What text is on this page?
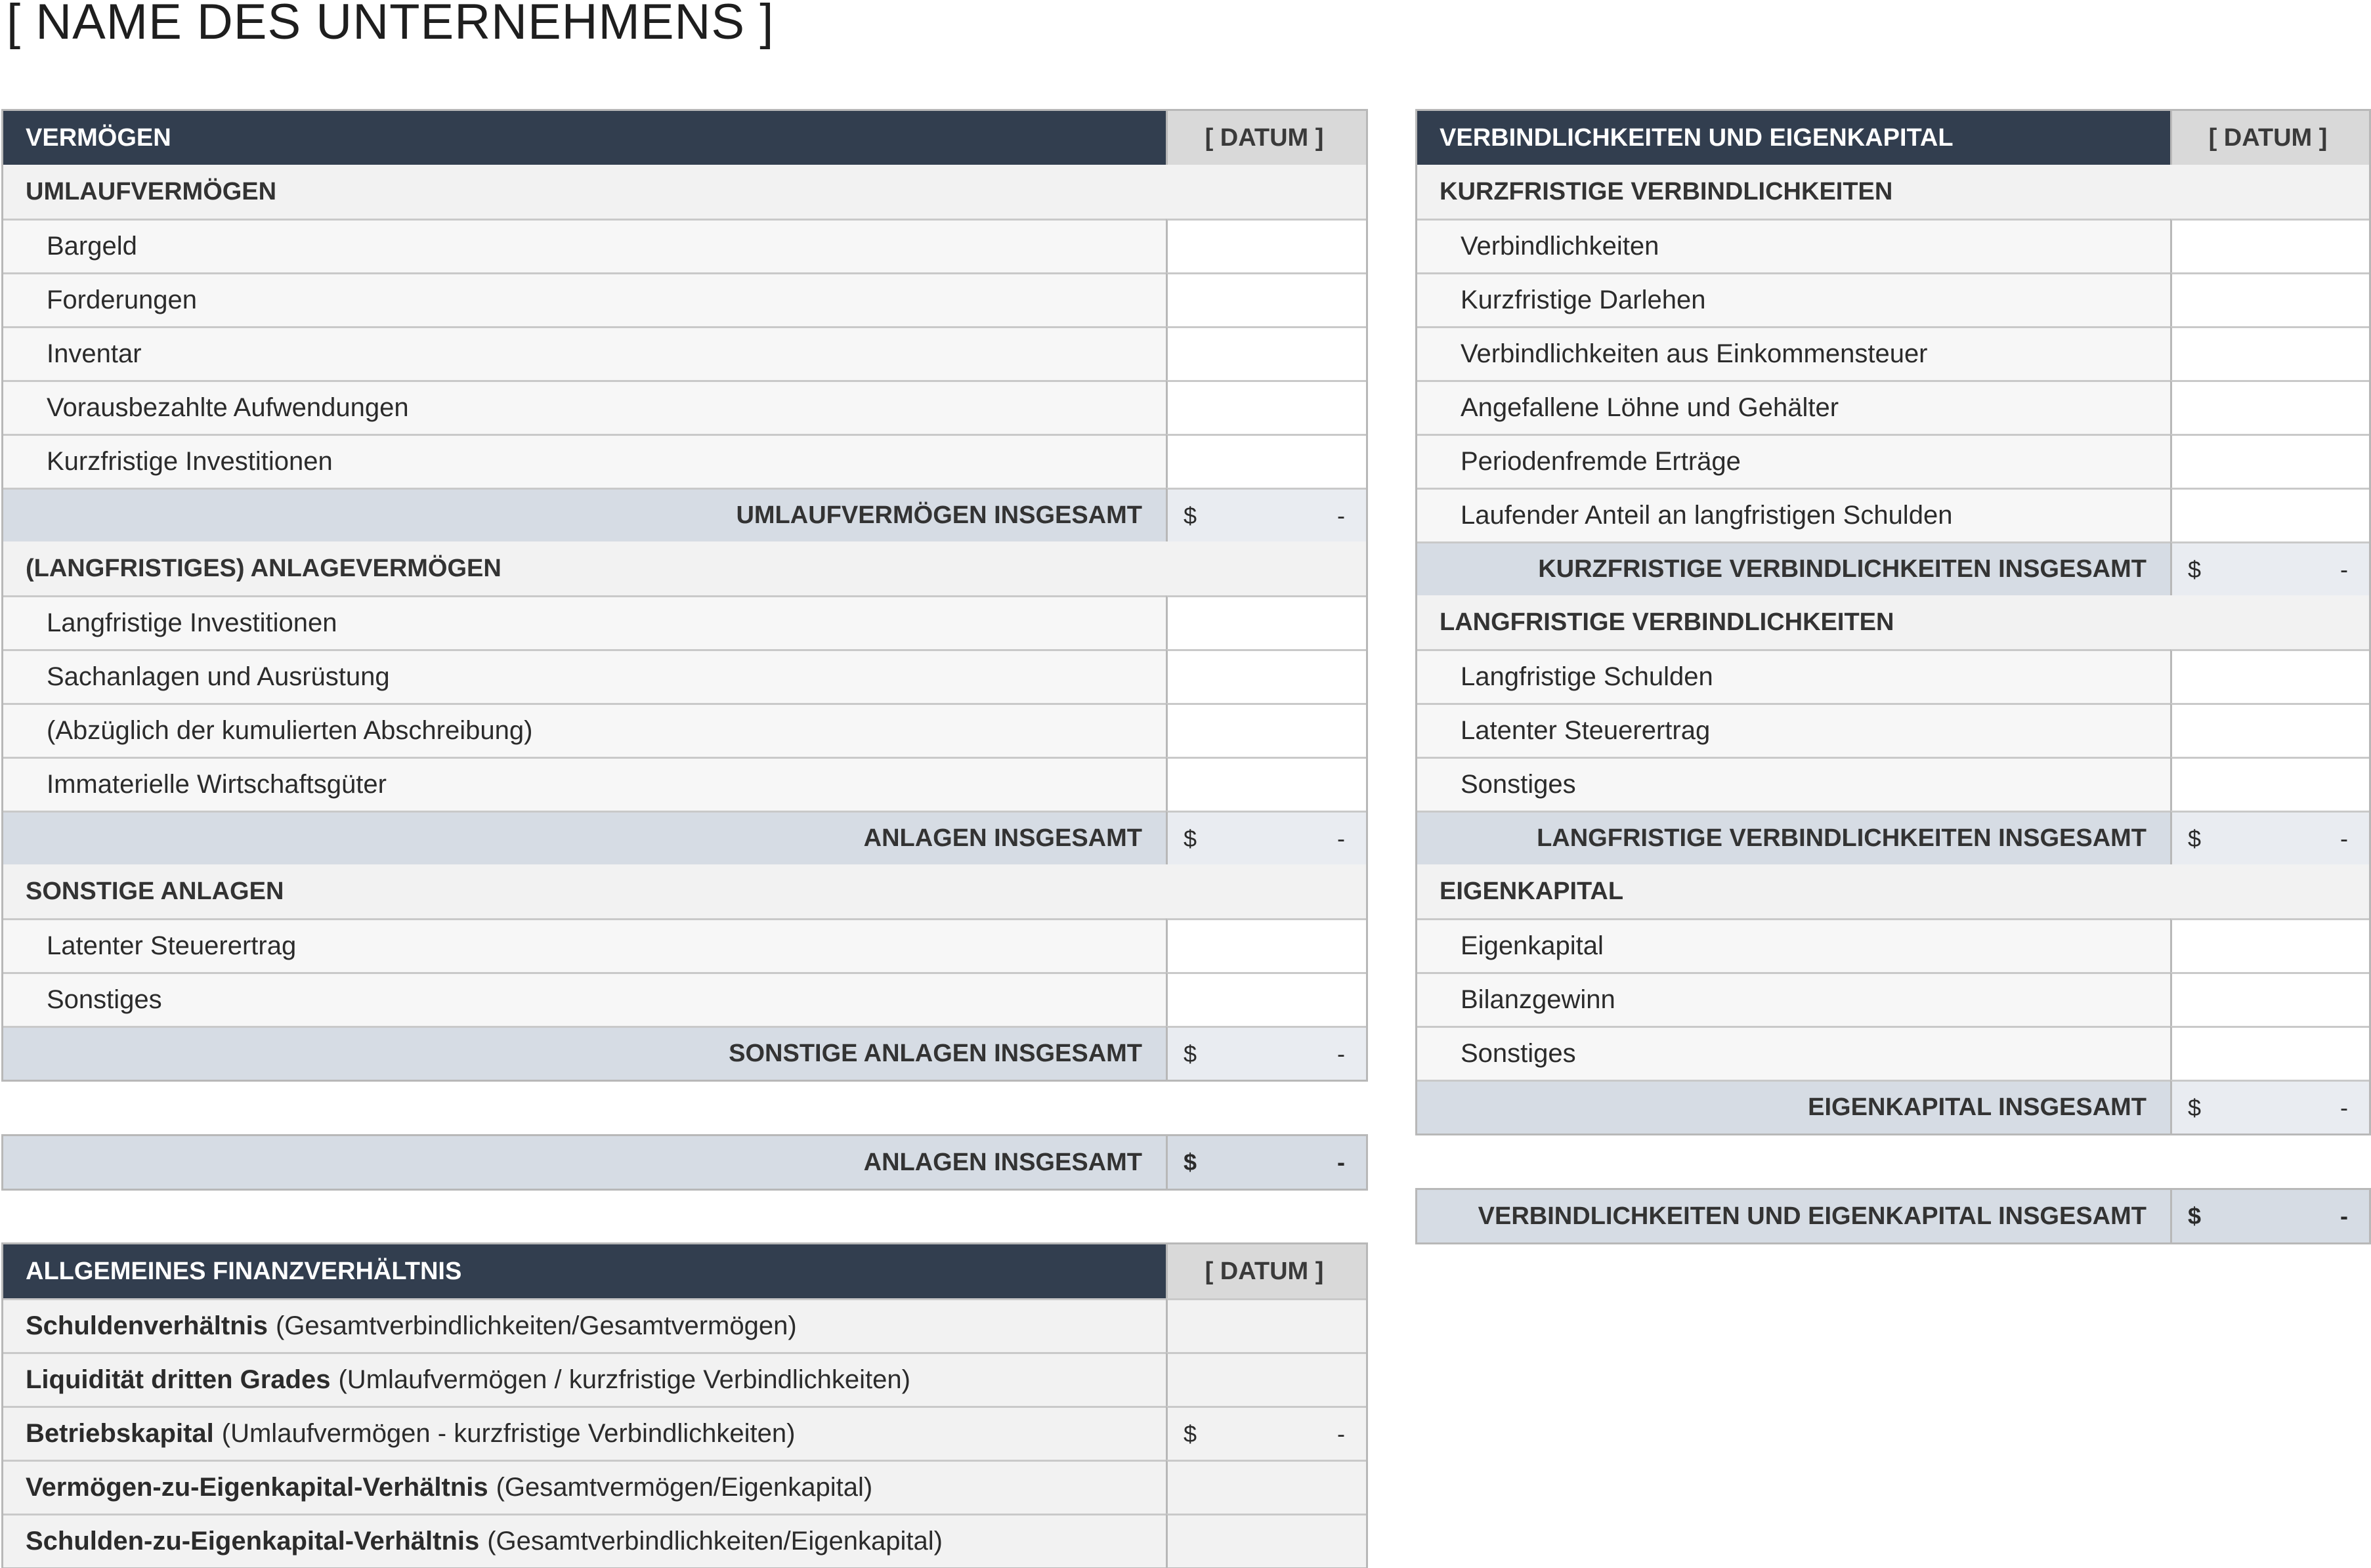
[ NAME DES UNTERNEHMENS ]
VERMÖGEN	[ DATUM ]
UMLAUFVERMÖGEN
Bargeld
Forderungen
Inventar
Vorausbezahlte Aufwendungen
Kurzfristige Investitionen
UMLAUFVERMÖGEN INSGESAMT	$	-
(LANGFRISTIGES) ANLAGEVERMÖGEN
Langfristige Investitionen
Sachanlagen und Ausrüstung
(Abzüglich der kumulierten Abschreibung)
Immaterielle Wirtschaftsgüter
ANLAGEN INSGESAMT	$	-
SONSTIGE ANLAGEN
Latenter Steuerertrag
Sonstiges
SONSTIGE ANLAGEN INSGESAMT	$	-
ANLAGEN INSGESAMT	$	-
ALLGEMEINES FINANZVERHÄLTNIS	[ DATUM ]
Schuldenverhältnis (Gesamtverbindlichkeiten/Gesamtvermögen)
Liquidität dritten Grades (Umlaufvermögen / kurzfristige Verbindlichkeiten)
Betriebskapital (Umlaufvermögen - kurzfristige Verbindlichkeiten)	$	-
Vermögen-zu-Eigenkapital-Verhältnis (Gesamtvermögen/Eigenkapital)
Schulden-zu-Eigenkapital-Verhältnis (Gesamtverbindlichkeiten/Eigenkapital)
VERBINDLICHKEITEN UND EIGENKAPITAL	[ DATUM ]
KURZFRISTIGE VERBINDLICHKEITEN
Verbindlichkeiten
Kurzfristige Darlehen
Verbindlichkeiten aus Einkommensteuer
Angefallene Löhne und Gehälter
Periodenfremde Erträge
Laufender Anteil an langfristigen Schulden
KURZFRISTIGE VERBINDLICHKEITEN INSGESAMT	$	-
LANGFRISTIGE VERBINDLICHKEITEN
Langfristige Schulden
Latenter Steuerertrag
Sonstiges
LANGFRISTIGE VERBINDLICHKEITEN INSGESAMT	$	-
EIGENKAPITAL
Eigenkapital
Bilanzgewinn
Sonstiges
EIGENKAPITAL INSGESAMT	$	-
VERBINDLICHKEITEN UND EIGENKAPITAL INSGESAMT	$	-
